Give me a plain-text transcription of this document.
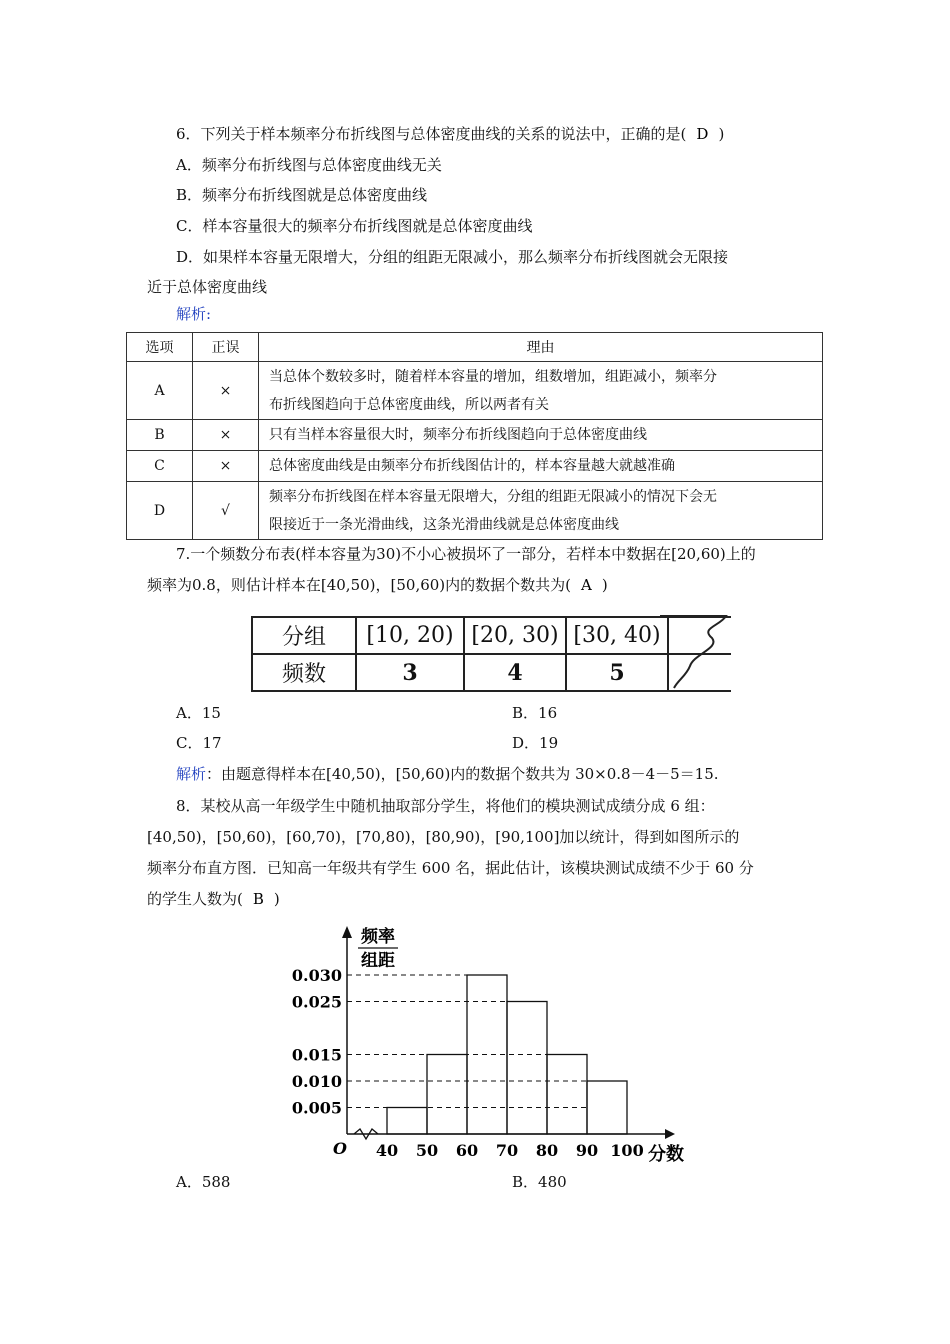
6．下列关于样本频率分布折线图与总体密度曲线的关系的说法中，正确的是( D )
A．频率分布折线图与总体密度曲线无关
B．频率分布折线图就是总体密度曲线
C．样本容量很大的频率分布折线图就是总体密度曲线
D．如果样本容量无限增大，分组的组距无限减小，那么频率分布折线图就会无限接
近于总体密度曲线
解析:
选项	正误	理由
A	×	当总体个数较多时，随着样本容量的增加，组数增加，组距减小，频率分
布折线图趋向于总体密度曲线，所以两者有关

B	×	只有当样本容量很大时，频率分布折线图趋向于总体密度曲线
C	×	总体密度曲线是由频率分布折线图估计的，样本容量越大就越准确
D	√	频率分布折线图在样本容量无限增大，分组的组距无限减小的情况下会无
限接近于一条光滑曲线，这条光滑曲线就是总体密度曲线
7.一个频数分布表(样本容量为30)不小心被损坏了一部分，若样本中数据在[20,60)上的
频率为0.8，则估计样本在[40,50)，[50,60)内的数据个数共为( A )
分组	[10, 20)	[20, 30)	[30, 40)	
频数	3	4	5	
A．15	B．16
C．17	D．19
解析：由题意得样本在[40,50)，[50,60)内的数据个数共为 30×0.8－4－5＝15.
8．某校从高一年级学生中随机抽取部分学生，将他们的模块测试成绩分成 6 组：
[40,50)，[50,60)，[60,70)，[70,80)，[80,90)，[90,100]加以统计，得到如图所示的
频率分布直方图．已知高一年级共有学生 600 名，据此估计，该模块测试成绩不少于 60 分
的学生人数为( B )
频率
组距
分数
O
0.005
0.010
0.015
0.025
0.030
40 50 60 70 80 90 100
A．588	B．480
